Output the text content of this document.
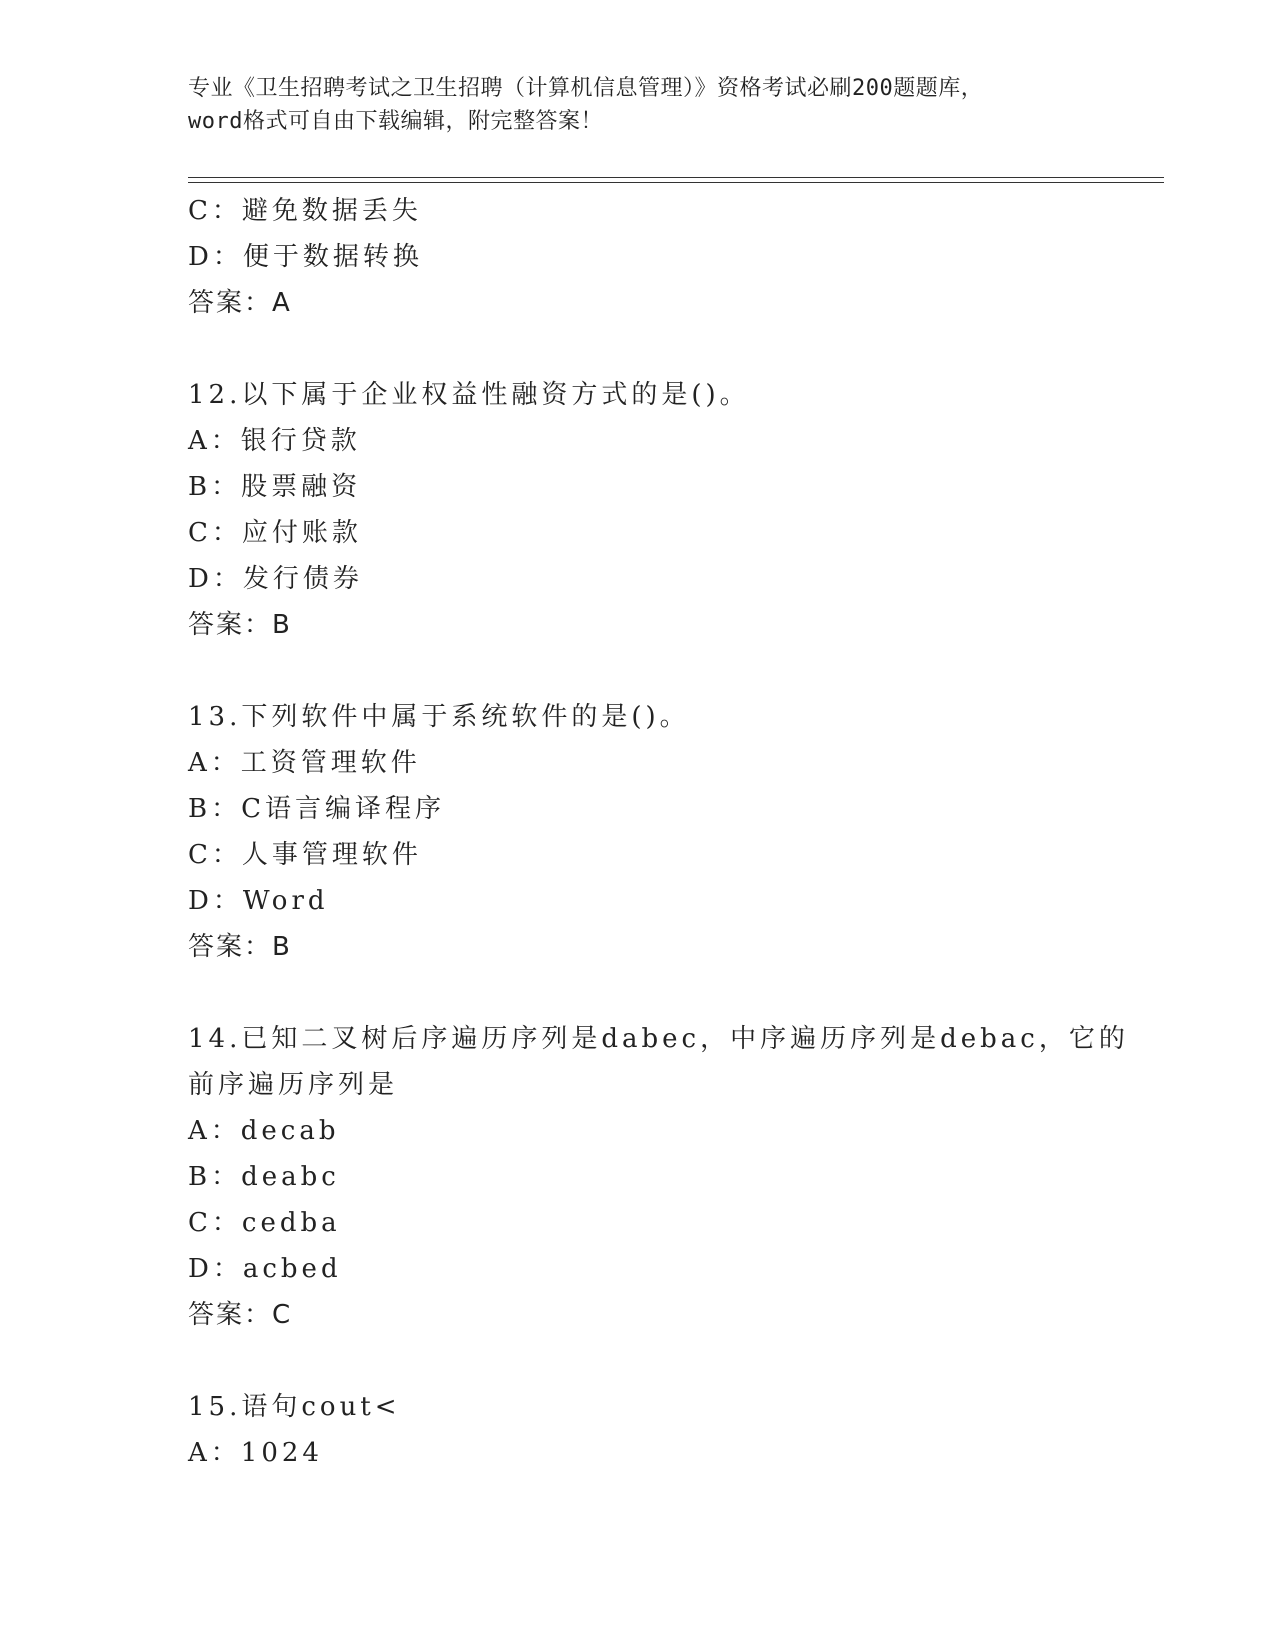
专业《卫生招聘考试之卫生招聘（计算机信息管理）》资格考试必刷200题题库，
word格式可自由下载编辑，附完整答案！
C：避免数据丢失
D：便于数据转换
答案：A
12.以下属于企业权益性融资方式的是()。
A：银行贷款
B：股票融资
C：应付账款
D：发行债券
答案：B
13.下列软件中属于系统软件的是()。
A：工资管理软件
B：C语言编译程序
C：人事管理软件
D：Word
答案：B
14.已知二叉树后序遍历序列是dabec，中序遍历序列是debac，它的
前序遍历序列是
A：decab
B：deabc
C：cedba
D：acbed
答案：C
15.语句cout<
A：1024
